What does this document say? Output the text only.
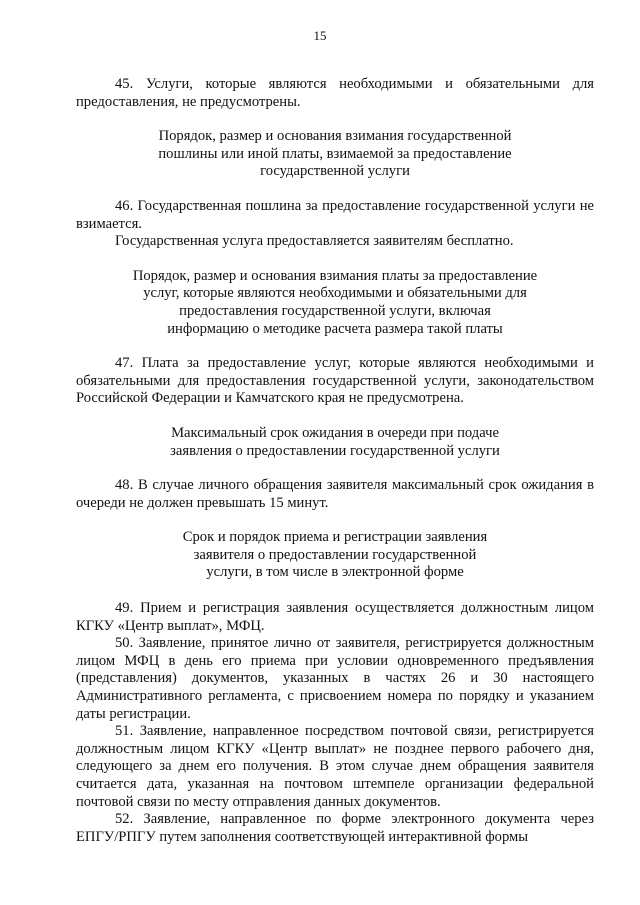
15

45. Услуги, которые являются необходимыми и обязательными для предоставления, не предусмотрены.

Порядок, размер и основания взимания государственной
пошлины или иной платы, взимаемой за предоставление
государственной услуги

46. Государственная пошлина за предоставление государственной услуги не взимается.

Государственная услуга предоставляется заявителям бесплатно.

Порядок, размер и основания взимания платы за предоставление
услуг, которые являются необходимыми и обязательными для
предоставления государственной услуги, включая
информацию о методике расчета размера такой платы

47. Плата за предоставление услуг, которые являются необходимыми и обязательными для предоставления государственной услуги, законодательством Российской Федерации и Камчатского края не предусмотрена.

Максимальный срок ожидания в очереди при подаче
заявления о предоставлении государственной услуги

48. В случае личного обращения заявителя максимальный срок ожидания в очереди не должен превышать 15 минут.

Срок и порядок приема и регистрации заявления
заявителя о предоставлении государственной
услуги, в том числе в электронной форме

49. Прием и регистрация заявления осуществляется должностным лицом КГКУ «Центр выплат», МФЦ.

50. Заявление, принятое лично от заявителя, регистрируется должностным лицом МФЦ в день его приема при условии одновременного предъявления (представления) документов, указанных в частях 26 и 30 настоящего Административного регламента, с присвоением номера по порядку и указанием даты регистрации.

51. Заявление, направленное посредством почтовой связи, регистрируется должностным лицом КГКУ «Центр выплат» не позднее первого рабочего дня, следующего за днем его получения. В этом случае днем обращения заявителя считается дата, указанная на почтовом штемпеле организации федеральной почтовой связи по месту отправления данных документов.

52. Заявление, направленное по форме электронного документа через ЕПГУ/РПГУ путем заполнения соответствующей интерактивной формы
